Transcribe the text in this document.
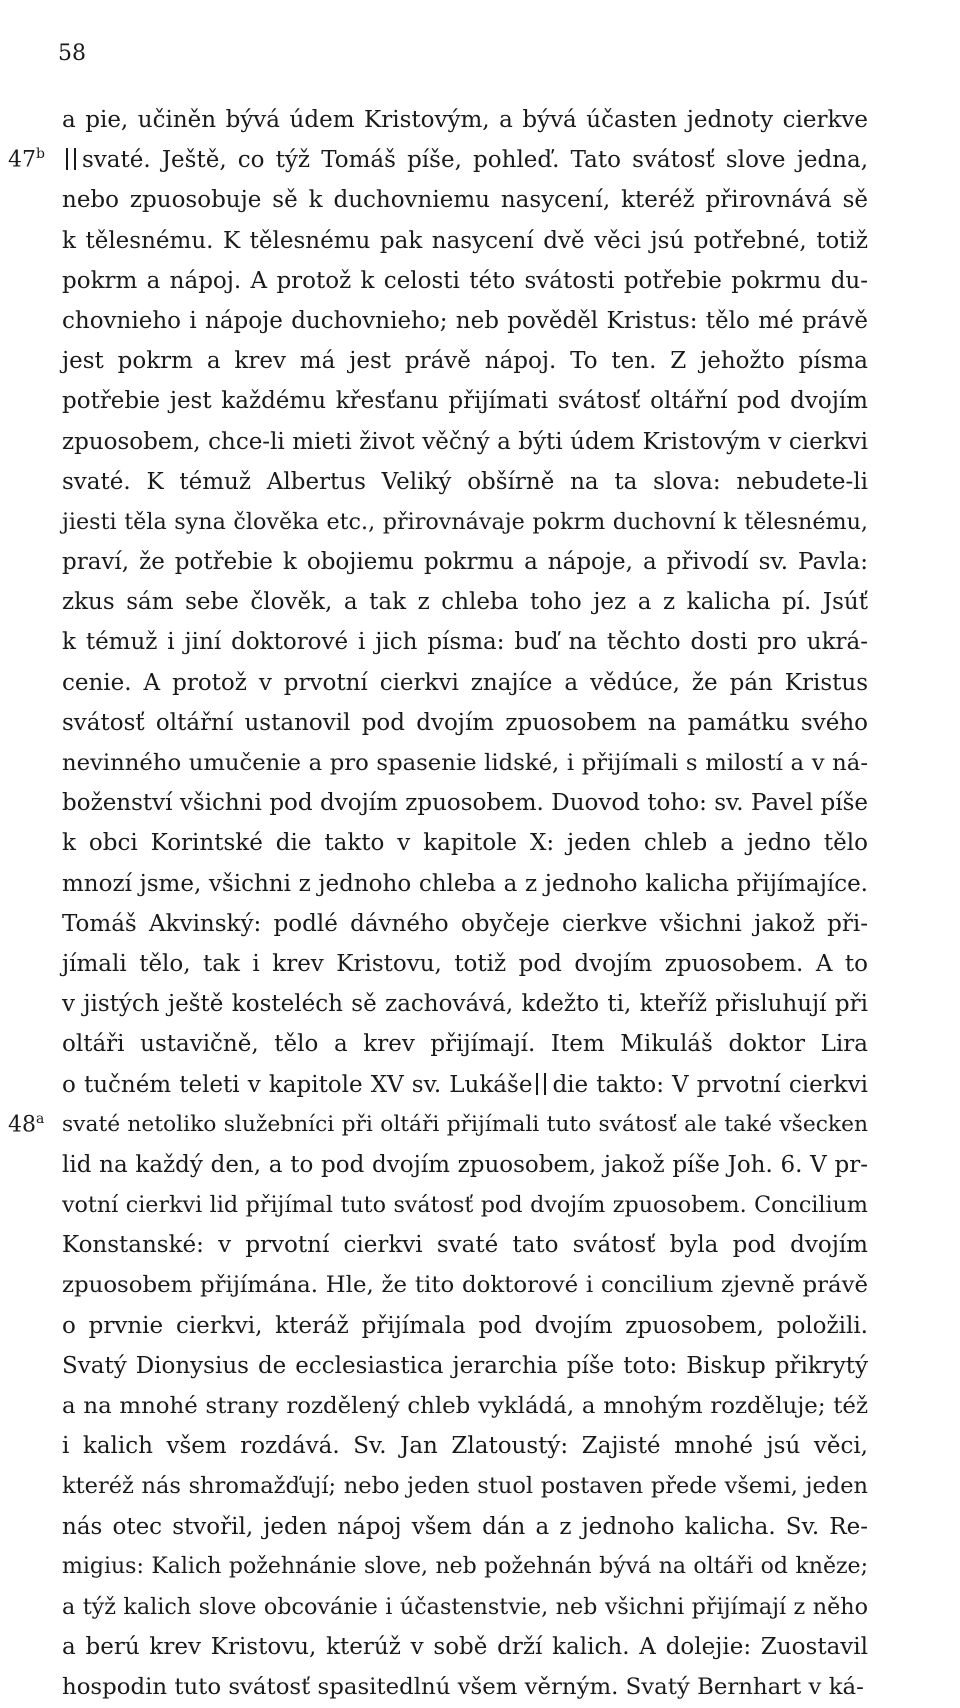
58
47$^b$
48$^a$
a pie, učiněn bývá údem Kristovým, a bývá účasten jednoty cierkve
svaté. Ještě, co týž Tomáš píše, pohleď. Tato svátosť slove jedna,
nebo zpuosobuje sě k duchovniemu nasycení, kteréž přirovnává sě
k tělesnému. K tělesnému pak nasycení dvě věci jsú potřebné, totiž
pokrm a nápoj. A protož k celosti této svátosti potřebie pokrmu du-
chovnieho i nápoje duchovnieho; neb pověděl Kristus: tělo mé právě
jest pokrm a krev má jest právě nápoj. To ten. Z jehožto písma
potřebie jest každému křesťanu přijímati svátosť oltářní pod dvojím
zpuosobem, chce-li mieti život věčný a býti údem Kristovým v cierkvi
svaté. K témuž Albertus Veliký obšírně na ta slova: nebudete-li
jiesti těla syna člověka etc., přirovnávaje pokrm duchovní k tělesnému,
praví, že potřebie k obojiemu pokrmu a nápoje, a přivodí sv. Pavla:
zkus sám sebe člověk, a tak z chleba toho jez a z kalicha pí. Jsúť
k témuž i jiní doktorové i jich písma: buď na těchto dosti pro ukrá-
cenie. A protož v prvotní cierkvi znajíce a vědúce, že pán Kristus
svátosť oltářní ustanovil pod dvojím zpuosobem na památku svého
nevinného umučenie a pro spasenie lidské, i přijímali s milostí a v ná-
boženství všichni pod dvojím zpuosobem. Duovod toho: sv. Pavel píše
k obci Korintské die takto v kapitole X: jeden chleb a jedno tělo
mnozí jsme, všichni z jednoho chleba a z jednoho kalicha přijímajíce.
Tomáš Akvinský: podlé dávného obyčeje cierkve všichni jakož při-
jímali tělo, tak i krev Kristovu, totiž pod dvojím zpuosobem. A to
v jistých ještě kosteléch sě zachovává, kdežto ti, kteříž přisluhují při
oltáři ustavičně, tělo a krev přijímají. Item Mikuláš doktor Lira
o tučném teleti v kapitole XV sv. Lukáše die takto: V prvotní cierkvi
svaté netoliko služebníci při oltáři přijímali tuto svátosť ale také všecken
lid na každý den, a to pod dvojím zpuosobem, jakož píše Joh. 6. V pr-
votní cierkvi lid přijímal tuto svátosť pod dvojím zpuosobem. Concilium
Konstanské: v prvotní cierkvi svaté tato svátosť byla pod dvojím
zpuosobem přijímána. Hle, že tito doktorové i concilium zjevně právě
o prvnie cierkvi, kteráž přijímala pod dvojím zpuosobem, položili.
Svatý Dionysius de ecclesiastica jerarchia píše toto: Biskup přikrytý
a na mnohé strany rozdělený chleb vykládá, a mnohým rozděluje; též
i kalich všem rozdává. Sv. Jan Zlatoustý: Zajisté mnohé jsú věci,
kteréž nás shromažďují; nebo jeden stuol postaven přede všemi, jeden
nás otec stvořil, jeden nápoj všem dán a z jednoho kalicha. Sv. Re-
migius: Kalich požehnánie slove, neb požehnán bývá na oltáři od kněze;
a týž kalich slove obcovánie i účastenstvie, neb všichni přijímají z něho
a berú krev Kristovu, kterúž v sobě drží kalich. A dolejie: Zuostavil
hospodin tuto svátosť spasitedlnú všem věrným. Svatý Bernhart v ká-
